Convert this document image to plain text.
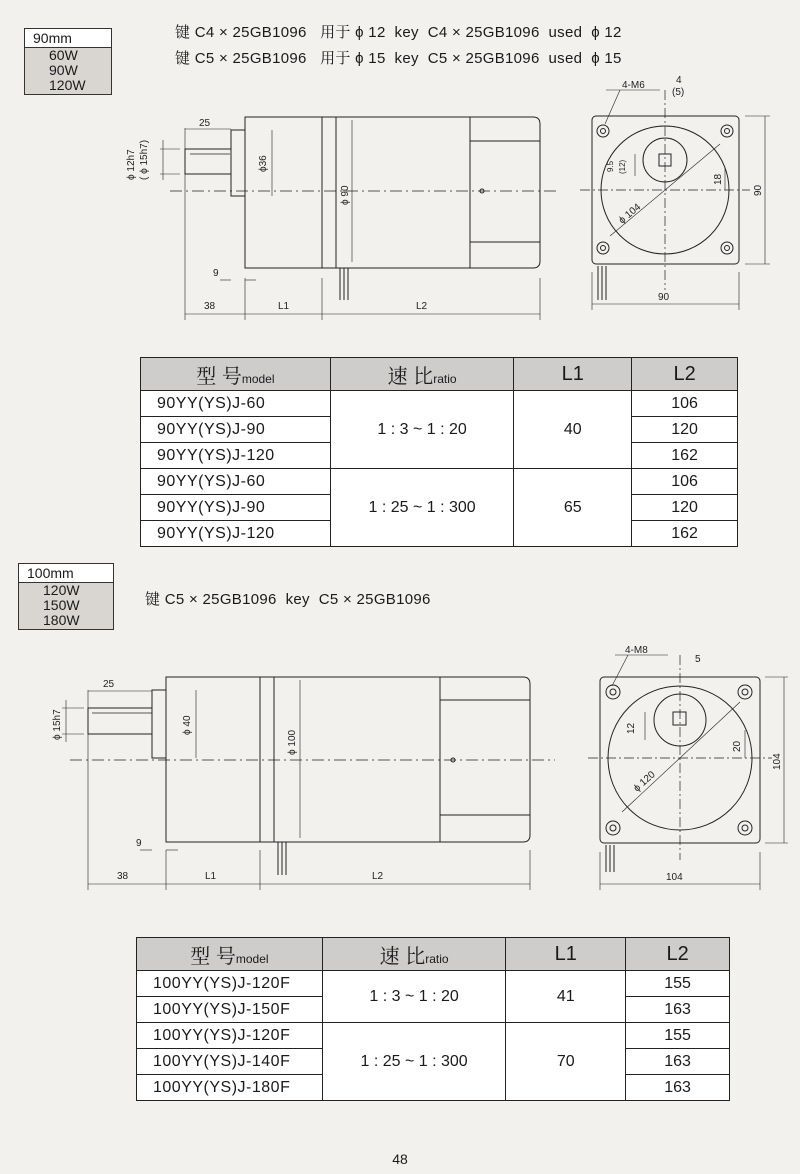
90mm
60W
90W
120W
键 C4 × 25GB1096   用于 ϕ 12  key  C4 × 25GB1096  used  ϕ 12
键 C5 × 25GB1096   用于 ϕ 15  key  C5 × 25GB1096  used  ϕ 15
25
ϕ 12h7 ( ϕ 15h7)	ϕ36
ϕ 90
9
38	L1	L2
4-M6	4
(5)
9.5 (12)
18
ϕ 104
90
90
25
ϕ 15h7	ϕ 40
ϕ 100
9
38	L1	L2
4-M8
5
12
20
ϕ 120
104
104
型 号model	速 比ratio	L1	L2
90YY(YS)J-60	1 : 3 ~ 1 : 20	40	106
90YY(YS)J-90			120
90YY(YS)J-120			162
90YY(YS)J-60	1 : 25 ~ 1 : 300	65	106
90YY(YS)J-90			120
90YY(YS)J-120			162
100mm
120W
150W
180W
键 C5 × 25GB1096  key  C5 × 25GB1096
型 号model	速 比ratio	L1	L2
100YY(YS)J-120F	1 : 3 ~ 1 : 20	41	155
100YY(YS)J-150F			163
100YY(YS)J-120F	1 : 25 ~ 1 : 300	70	155
100YY(YS)J-140F			163
100YY(YS)J-180F			163
48
